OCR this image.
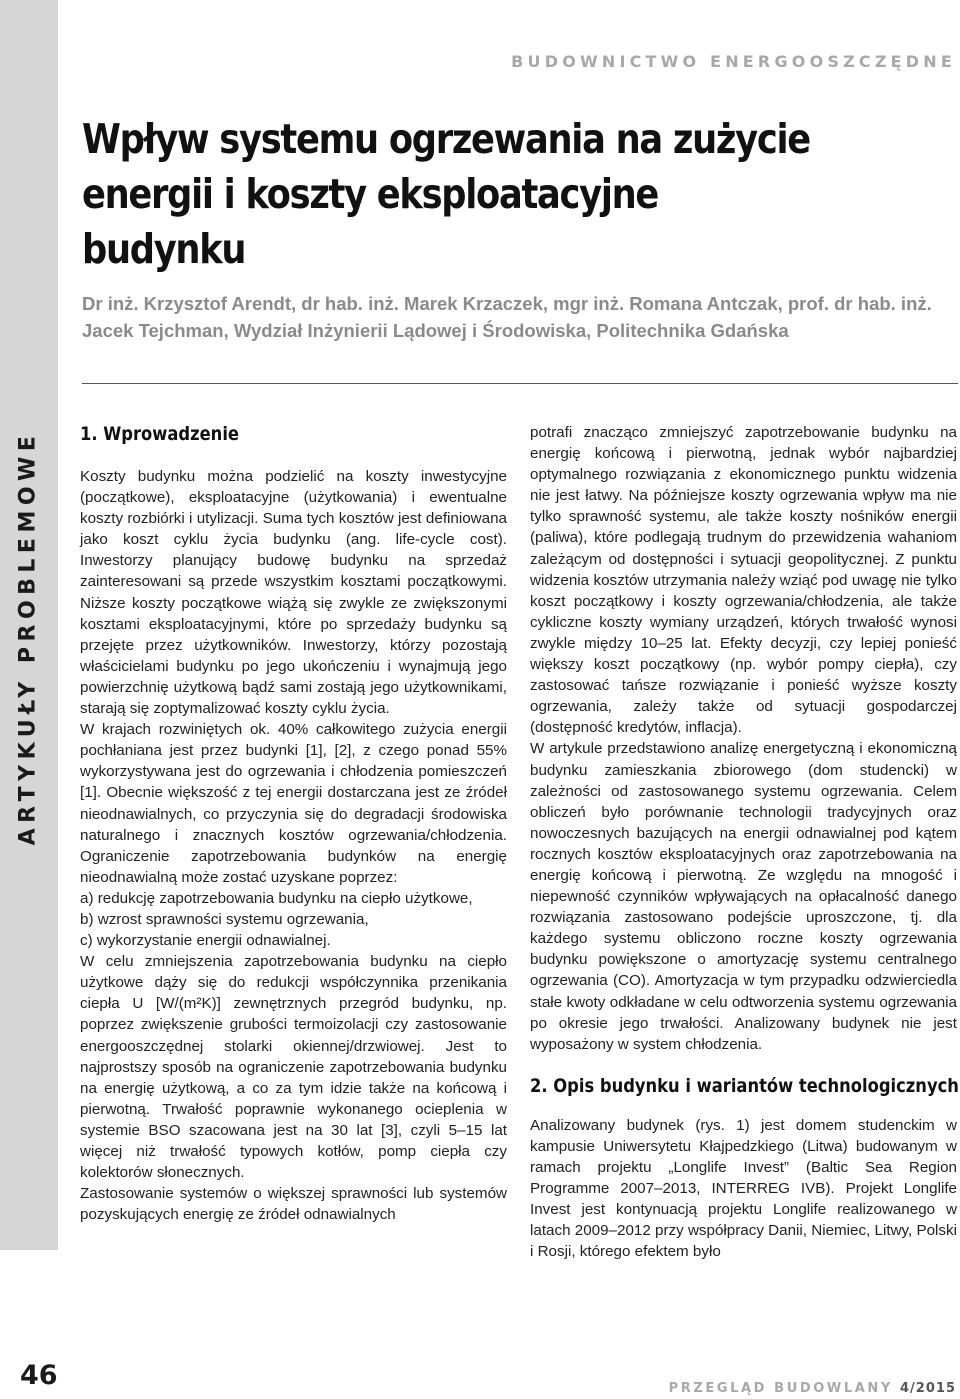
ARTYKUŁY PROBLEMOWE
46
BUDOWNICTWO ENERGOOSZCZĘDNE
Wpływ systemu ogrzewania na zużycie energii i koszty eksploatacyjne budynku

Dr inż. Krzysztof Arendt, dr hab. inż. Marek Krzaczek, mgr inż. Romana Antczak, prof. dr hab. inż. Jacek Tejchman, Wydział Inżynierii Lądowej i Środowiska, Politechnika Gdańska

1. Wprowadzenie

Koszty budynku można podzielić na koszty inwestycyjne (początkowe), eksploatacyjne (użytkowania) i ewentualne koszty rozbiórki i utylizacji. Suma tych kosztów jest definiowana jako koszt cyklu życia budynku (ang. life-cycle cost). Inwestorzy planujący budowę budynku na sprzedaż zainteresowani są przede wszystkim kosztami początkowymi. Niższe koszty początkowe wiążą się zwykle ze zwiększonymi kosztami eksploatacyjnymi, które po sprzedaży budynku są przejęte przez użytkowników. Inwestorzy, którzy pozostają właścicielami budynku po jego ukończeniu i wynajmują jego powierzchnię użytkową bądź sami zostają jego użytkownikami, starają się zoptymalizować koszty cyklu życia.

W krajach rozwiniętych ok. 40% całkowitego zużycia energii pochłaniana jest przez budynki [1], [2], z czego ponad 55% wykorzystywana jest do ogrzewania i chłodzenia pomieszczeń [1]. Obecnie większość z tej energii dostarczana jest ze źródeł nieodnawialnych, co przyczynia się do degradacji środowiska naturalnego i znacznych kosztów ogrzewania/chłodzenia. Ograniczenie zapotrzebowania budynków na energię nieodnawialną może zostać uzyskane poprzez:

a) redukcję zapotrzebowania budynku na ciepło użytkowe,

b) wzrost sprawności systemu ogrzewania,

c) wykorzystanie energii odnawialnej.

W celu zmniejszenia zapotrzebowania budynku na ciepło użytkowe dąży się do redukcji współczynnika przenikania ciepła U [W/(m²K)] zewnętrznych przegród budynku, np. poprzez zwiększenie grubości termoizolacji czy zastosowanie energooszczędnej stolarki okiennej/drzwiowej. Jest to najprostszy sposób na ograniczenie zapotrzebowania budynku na energię użytkową, a co za tym idzie także na końcową i pierwotną. Trwałość poprawnie wykonanego ocieplenia w systemie BSO szacowana jest na 30 lat [3], czyli 5–15 lat więcej niż trwałość typowych kotłów, pomp ciepła czy kolektorów słonecznych.

Zastosowanie systemów o większej sprawności lub systemów pozyskujących energię ze źródeł odnawialnych

potrafi znacząco zmniejszyć zapotrzebowanie budynku na energię końcową i pierwotną, jednak wybór najbardziej optymalnego rozwiązania z ekonomicznego punktu widzenia nie jest łatwy. Na późniejsze koszty ogrzewania wpływ ma nie tylko sprawność systemu, ale także koszty nośników energii (paliwa), które podlegają trudnym do przewidzenia wahaniom zależącym od dostępności i sytuacji geopolitycznej. Z punktu widzenia kosztów utrzymania należy wziąć pod uwagę nie tylko koszt początkowy i koszty ogrzewania/chłodzenia, ale także cykliczne koszty wymiany urządzeń, których trwałość wynosi zwykle między 10–25 lat. Efekty decyzji, czy lepiej ponieść większy koszt początkowy (np. wybór pompy ciepła), czy zastosować tańsze rozwiązanie i ponieść wyższe koszty ogrzewania, zależy także od sytuacji gospodarczej (dostępność kredytów, inflacja).

W artykule przedstawiono analizę energetyczną i ekonomiczną budynku zamieszkania zbiorowego (dom studencki) w zależności od zastosowanego systemu ogrzewania. Celem obliczeń było porównanie technologii tradycyjnych oraz nowoczesnych bazujących na energii odnawialnej pod kątem rocznych kosztów eksploatacyjnych oraz zapotrzebowania na energię końcową i pierwotną. Ze względu na mnogość i niepewność czynników wpływających na opłacalność danego rozwiązania zastosowano podejście uproszczone, tj. dla każdego systemu obliczono roczne koszty ogrzewania budynku powiększone o amortyzację systemu centralnego ogrzewania (CO). Amortyzacja w tym przypadku odzwierciedla stałe kwoty odkładane w celu odtworzenia systemu ogrzewania po okresie jego trwałości. Analizowany budynek nie jest wyposażony w system chłodzenia.

2. Opis budynku i wariantów technologicznych

Analizowany budynek (rys. 1) jest domem studenckim w kampusie Uniwersytetu Kłajpedzkiego (Litwa) budowanym w ramach projektu „Longlife Invest” (Baltic Sea Region Programme 2007–2013, INTERREG IVB). Projekt Longlife Invest jest kontynuacją projektu Longlife realizowanego w latach 2009–2012 przy współpracy Danii, Niemiec, Litwy, Polski i Rosji, którego efektem było

PRZEGLĄD BUDOWLANY 4/2015
